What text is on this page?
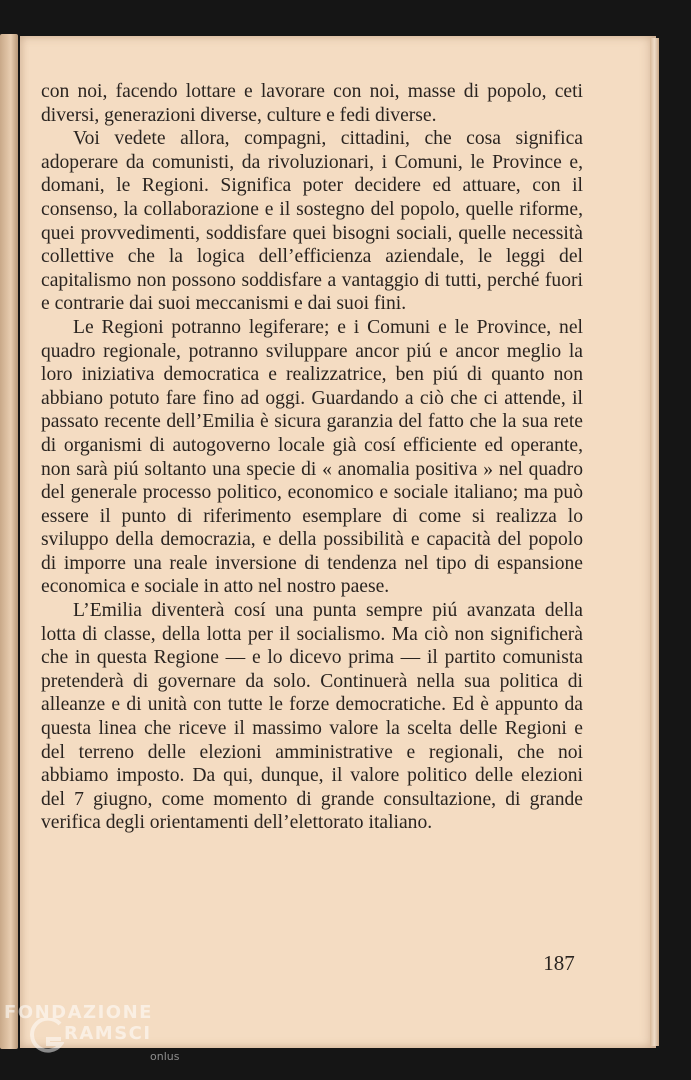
con noi, facendo lottare e lavorare con noi, masse di popolo, ceti diversi, generazioni diverse, culture e fedi diverse.

Voi vedete allora, compagni, cittadini, che cosa significa adoperare da comunisti, da rivoluzionari, i Comuni, le Province e, domani, le Regioni. Significa poter decidere ed attuare, con il consenso, la collaborazione e il sostegno del popolo, quelle riforme, quei provvedimenti, soddisfare quei bisogni sociali, quelle necessità collettive che la logica dell’efficienza aziendale, le leggi del capitalismo non possono soddisfare a vantaggio di tutti, perché fuori e contrarie dai suoi meccanismi e dai suoi fini.

Le Regioni potranno legiferare; e i Comuni e le Province, nel quadro regionale, potranno sviluppare ancor piú e ancor meglio la loro iniziativa democratica e realizzatrice, ben piú di quanto non abbiano potuto fare fino ad oggi. Guardando a ciò che ci attende, il passato recente dell’Emilia è sicura garanzia del fatto che la sua rete di organismi di autogoverno locale già cosí efficiente ed operante, non sarà piú soltanto una specie di « anomalia positiva » nel quadro del generale processo politico, economico e sociale italiano; ma può essere il punto di riferimento esemplare di come si realizza lo sviluppo della democrazia, e della possibilità e capacità del popolo di imporre una reale inversione di tendenza nel tipo di espansione economica e sociale in atto nel nostro paese.

L’Emilia diventerà cosí una punta sempre piú avanzata della lotta di classe, della lotta per il socialismo. Ma ciò non significherà che in questa Regione — e lo dicevo prima — il partito comunista pretenderà di governare da solo. Continuerà nella sua politica di alleanze e di unità con tutte le forze democratiche. Ed è appunto da questa linea che riceve il massimo valore la scelta delle Regioni e del terreno delle elezioni amministrative e regionali, che noi abbiamo imposto. Da qui, dunque, il valore politico delle elezioni del 7 giugno, come momento di grande consultazione, di grande verifica degli orientamenti dell’elettorato italiano.

187
FONDAZIONE
RAMSCI
onlus
